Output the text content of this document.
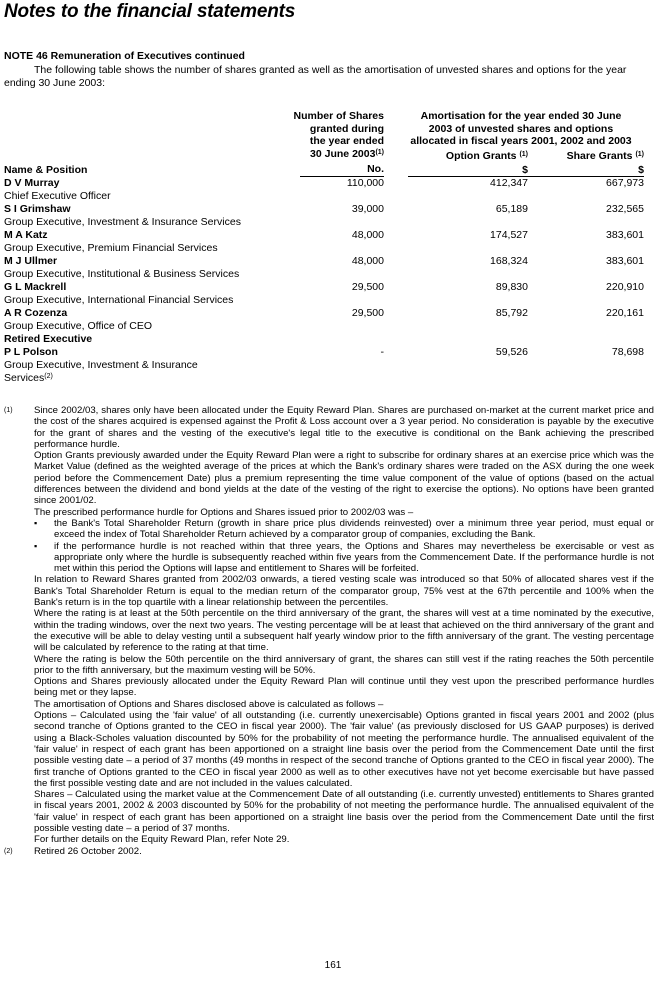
Notes to the financial statements
NOTE 46 Remuneration of Executives continued
The following table shows the number of shares granted as well as the amortisation of unvested shares and options for the year ending 30 June 2003:
Number of Shares
granted during
the year ended
30 June 2003$^{(1)}$
Amortisation for the year ended 30 June
2003 of unvested shares and options
allocated in fiscal years 2001, 2002 and 2003
Option Grants $^{(1)}$	Share Grants $^{(1)}$
Name & Position	No.	$	$
D V Murray
Chief Executive Officer
110,000	412,347	667,973
S I Grimshaw
Group Executive, Investment & Insurance Services
39,000	65,189	232,565
M A Katz
Group Executive, Premium Financial Services
48,000	174,527	383,601
M J Ullmer
Group Executive, Institutional & Business Services
48,000	168,324	383,601
G L Mackrell
Group Executive, International Financial Services
29,500	89,830	220,910
A R Cozenza
Group Executive, Office of CEO
29,500	85,792	220,161
Retired Executive
P L Polson
Group Executive, Investment & Insurance
Services$^{(2)}$
-	59,526	78,698
(1) Since 2002/03, shares only have been allocated under the Equity Reward Plan. Shares are purchased on-market at the current market price and the cost of the shares acquired is expensed against the Profit & Loss account over a 3 year period. No consideration is payable by the executive for the grant of shares and the vesting of the executive's legal title to the executive is conditional on the Bank achieving the prescribed performance hurdle.

Option Grants previously awarded under the Equity Reward Plan were a right to subscribe for ordinary shares at an exercise price which was the Market Value (defined as the weighted average of the prices at which the Bank's ordinary shares were traded on the ASX during the one week period before the Commencement Date) plus a premium representing the time value component of the value of options (based on the actual differences between the dividend and bond yields at the date of the vesting of the right to exercise the options). No options have been granted since 2001/02.

The prescribed performance hurdle for Options and Shares issued prior to 2002/03 was –

▪ the Bank's Total Shareholder Return (growth in share price plus dividends reinvested) over a minimum three year period, must equal or exceed the index of Total Shareholder Return achieved by a comparator group of companies, excluding the Bank.
▪ if the performance hurdle is not reached within that three years, the Options and Shares may nevertheless be exercisable or vest as appropriate only where the hurdle is subsequently reached within five years from the Commencement Date. If the performance hurdle is not met within this period the Options will lapse and entitlement to Shares will be forfeited.

In relation to Reward Shares granted from 2002/03 onwards, a tiered vesting scale was introduced so that 50% of allocated shares vest if the Bank's Total Shareholder Return is equal to the median return of the comparator group, 75% vest at the 67th percentile and 100% when the Bank's return is in the top quartile with a linear relationship between the percentiles.

Where the rating is at least at the 50th percentile on the third anniversary of the grant, the shares will vest at a time nominated by the executive, within the trading windows, over the next two years. The vesting percentage will be at least that achieved on the third anniversary of the grant and the executive will be able to delay vesting until a subsequent half yearly window prior to the fifth anniversary of the grant. The vesting percentage will be calculated by reference to the rating at that time.

Where the rating is below the 50th percentile on the third anniversary of grant, the shares can still vest if the rating reaches the 50th percentile prior to the fifth anniversary, but the maximum vesting will be 50%.

Options and Shares previously allocated under the Equity Reward Plan will continue until they vest upon the prescribed performance hurdles being met or they lapse.

The amortisation of Options and Shares disclosed above is calculated as follows –

Options – Calculated using the 'fair value' of all outstanding (i.e. currently unexercisable) Options granted in fiscal years 2001 and 2002 (plus second tranche of Options granted to the CEO in fiscal year 2000). The 'fair value' (as previously disclosed for US GAAP purposes) is derived using a Black-Scholes valuation discounted by 50% for the probability of not meeting the performance hurdle. The annualised equivalent of the 'fair value' in respect of each grant has been apportioned on a straight line basis over the period from the Commencement Date until the first possible vesting date – a period of 37 months (49 months in respect of the second tranche of Options granted to the CEO in fiscal year 2000). The first tranche of Options granted to the CEO in fiscal year 2000 as well as to other executives have not yet become exercisable but have passed the first possible vesting date and are not included in the values calculated.

Shares – Calculated using the market value at the Commencement Date of all outstanding (i.e. currently unvested) entitlements to Shares granted in fiscal years 2001, 2002 & 2003 discounted by 50% for the probability of not meeting the performance hurdle. The annualised equivalent of the 'fair value' in respect of each grant has been apportioned on a straight line basis over the period from the Commencement Date until the first possible vesting date – a period of 37 months.

For further details on the Equity Reward Plan, refer Note 29.

(2) Retired 26 October 2002.

161
